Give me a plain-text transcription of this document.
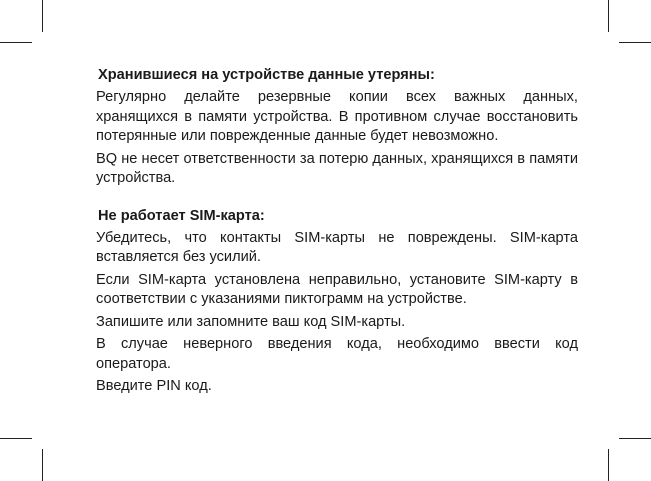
Хранившиеся на устройстве данные утеряны:
Регулярно делайте резервные копии всех важных данных, хранящихся в памяти устройства. В противном случае восстановить потерянные или поврежденные данные будет невозможно.
BQ не несет ответственности за потерю данных, хранящихся в памяти устройства.
Не работает SIM-карта:
Убедитесь, что контакты SIM-карты не повреждены. SIM-карта вставляется без усилий.
Если SIM-карта установлена неправильно, установите SIM-карту в соответствии с указаниями пиктограмм на устройстве.
Запишите или запомните ваш код SIM-карты.
В случае неверного введения кода, необходимо ввести код оператора.
Введите PIN код.
